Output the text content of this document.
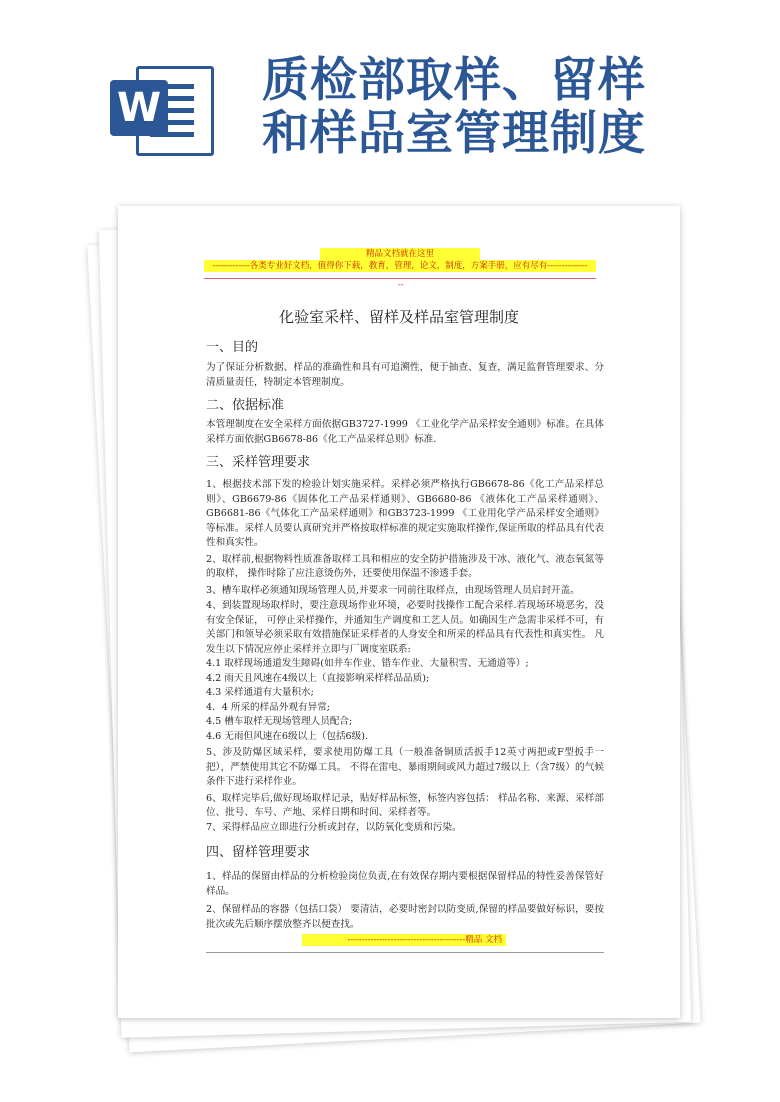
W 质检部取样、留样
和样品室管理制度
精品文档就在这里
-------------各类专业好文档，值得你下载，教育，管理，论文，制度，方案手册，应有尽有--------------
--
化验室采样、留样及样品室管理制度
一、目的

为了保证分析数据、样品的准确性和具有可追溯性，便于抽查、复查，满足监督管理要求、分清质量责任，特制定本管理制度。

二、依据标准

本管理制度在安全采样方面依据GB3727-1999 《工业化学产品采样安全通则》标准。在具体采样方面依据GB6678-86《化工产品采样总则》标准.

三、采样管理要求

1、根据技术部下发的检验计划实施采样。采样必须严格执行GB6678-86《化工产品采样总则》、GB6679-86《固体化工产品采样通则》、GB6680-86 《液体化工产品采样通则》、GB6681-86《气体化工产品采样通则》和GB3723-1999 《工业用化学产品采样安全通则》等标准。采样人员要认真研究并严格按取样标准的规定实施取样操作,保证所取的样品具有代表性和真实性。

2、取样前,根据物料性质准备取样工具和相应的安全防护措施涉及干冰、液化气、液态氧氮等的取样， 操作时除了应注意烫伤外，还要使用保温不渗透手套。

3、槽车取样必须通知现场管理人员,并要求一同前往取样点，由现场管理人员启封开盖。

4、到装置现场取样时，要注意现场作业环境，必要时找操作工配合采样.若现场环境恶劣，没有安全保证， 可停止采样操作，并通知生产调度和工艺人员。如确因生产急需非采样不可，有关部门和领导必须采取有效措施保证采样者的人身安全和所采的样品具有代表性和真实性。 凡发生以下情况应停止采样并立即与厂调度室联系:

4.1 取样现场通道发生障碍(如井车作业、错车作业、大量积雪、无通道等）;

4.2 雨天且风速在4级以上（直接影响采样样品品质);

4.3 采样通道有大量积水;

4．4 所采的样品外观有异常;

4.5 槽车取样无现场管理人员配合;

4.6 无雨但风速在6级以上（包括6级).

5、涉及防爆区域采样，要求使用防爆工具（一般准备铜质活扳手12英寸两把或F型扳手一把），严禁使用其它不防爆工具。 不得在雷电、暴雨期间或风力超过7级以上（含7级）的气候条件下进行采样作业。

6、取样完毕后,做好现场取样记录，贴好样品标签，标签内容包括： 样品名称、来源、采样部位、批号、车号、产地、采样日期和时间、采样者等。

7、采得样品应立即进行分析或封存，以防氧化变质和污染。

四、留样管理要求

1、样品的保留由样品的分析检验岗位负责,在有效保存期内要根据保留样品的特性妥善保管好样品。

2、保留样品的容器（包括口袋） 要清洁，必要时密封以防变质,保留的样品要做好标识，要按批次或先后顺序摆放整齐以便查找。

-----------------------------------------精品 文档
